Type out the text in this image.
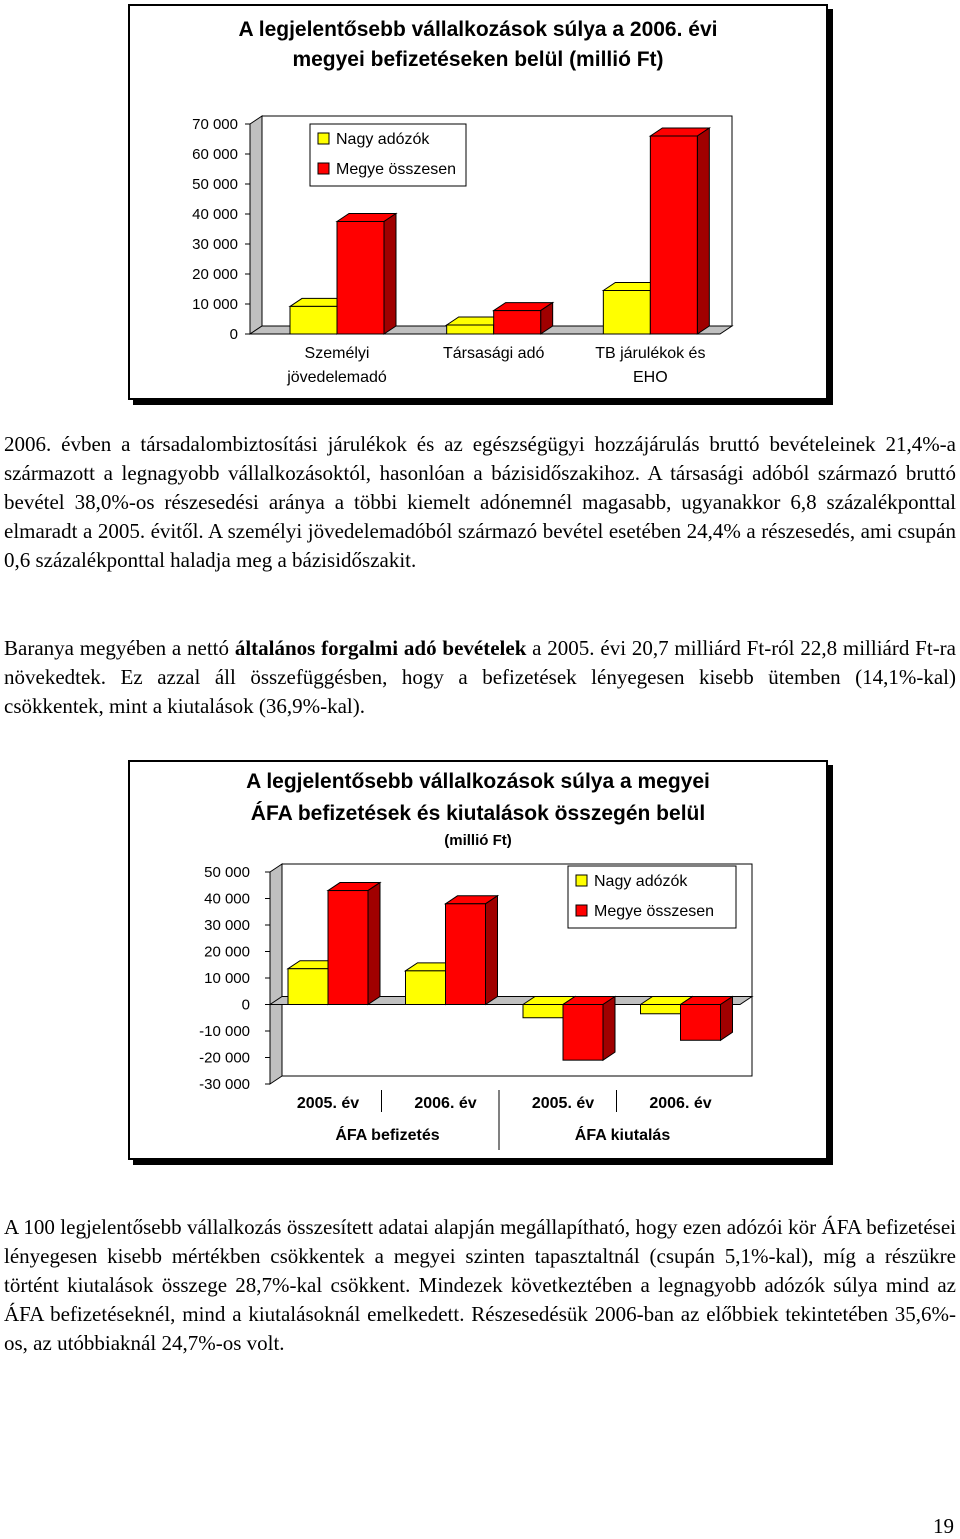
A legjelentősebb vállalkozások súlya a 2006. évi
megyei befizetéseken belül (millió Ft)
70 000
60 000
50 000
40 000
30 000
20 000
10 000
0
Személyi
jövedelemadó
Társasági adó	TB járulékok és
EHO
Nagy adózók
Megye összesen

2006. évben a társadalombiztosítási járulékok és az egészségügyi hozzájárulás bruttó bevételeinek 21,4%-a származott a legnagyobb vállalkozásoktól, hasonlóan a bázisidőszakihoz. A társasági adóból származó bruttó bevétel 38,0%-os részesedési aránya a többi kiemelt adónemnél magasabb, ugyanakkor 6,8 százalékponttal elmaradt a 2005. évitől. A személyi jövedelemadóból származó bevétel esetében 24,4% a részesedés, ami csupán 0,6 százalékponttal haladja meg a bázisidőszakit.

Baranya megyében a nettó általános forgalmi adó bevételek a 2005. évi 20,7 milliárd Ft-ról 22,8 milliárd Ft-ra növekedtek. Ez azzal áll összefüggésben, hogy a befizetések lényegesen kisebb ütemben (14,1%-kal) csökkentek, mint a kiutalások (36,9%-kal).

A legjelentősebb vállalkozások súlya a megyei
ÁFA befizetések és kiutalások összegén belül
(millió Ft)
50 000
40 000
30 000
20 000
10 000
0
-10 000
-20 000
-30 000
2005. év	2006. év	2005. év	2006. év
ÁFA befizetés	ÁFA kiutalás
Nagy adózók
Megye összesen

A 100 legjelentősebb vállalkozás összesített adatai alapján megállapítható, hogy ezen adózói kör ÁFA befizetései lényegesen kisebb mértékben csökkentek a megyei szinten tapasztaltnál (csupán 5,1%-kal), míg a részükre történt kiutalások összege 28,7%-kal csökkent. Mindezek következtében a legnagyobb adózók súlya mind az ÁFA befizetéseknél, mind a kiutalásoknál emelkedett. Részesedésük 2006-ban az előbbiek tekintetében 35,6%-os, az utóbbiaknál 24,7%-os volt.

19
